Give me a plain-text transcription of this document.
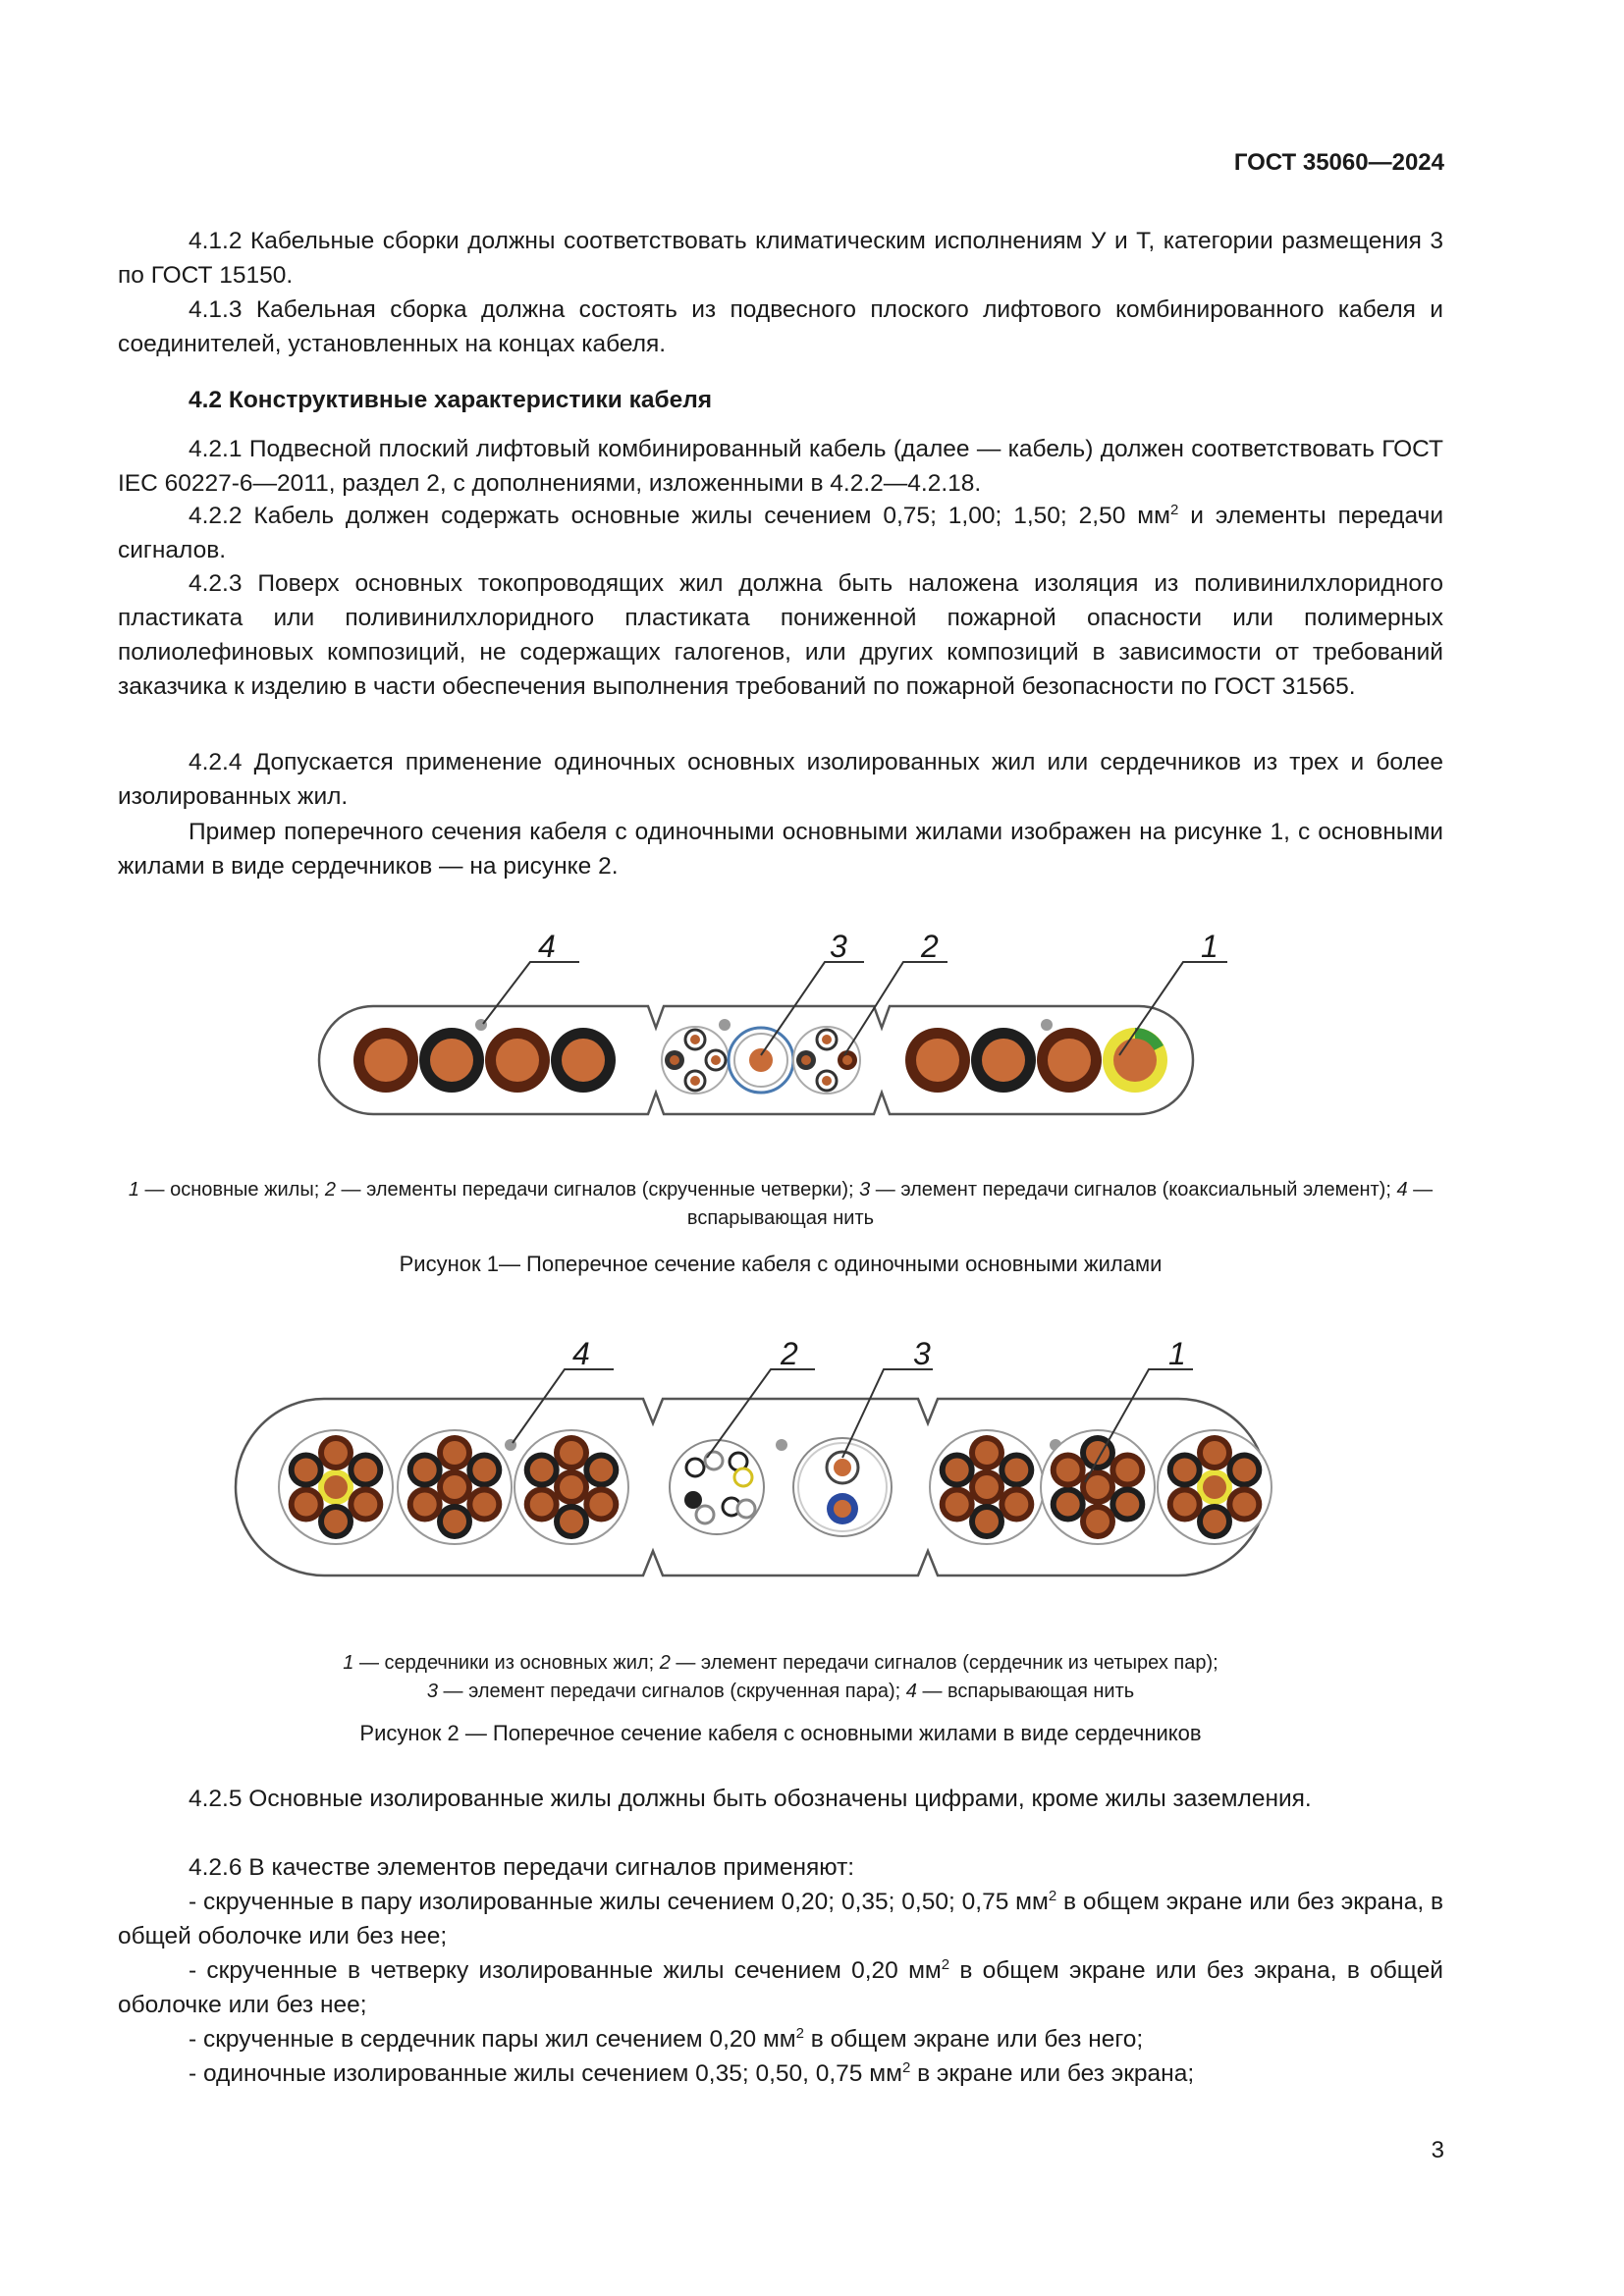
ГОСТ 35060—2024

4.1.2 Кабельные сборки должны соответствовать климатическим исполнениям У и Т, категории размещения 3 по ГОСТ 15150.

4.1.3 Кабельная сборка должна состоять из подвесного плоского лифтового комбинированного кабеля и соединителей, установленных на концах кабеля.

4.2 Конструктивные характеристики кабеля

4.2.1 Подвесной плоский лифтовый комбинированный кабель (далее — кабель) должен соответствовать ГОСТ IEC 60227-6—2011, раздел 2, с дополнениями, изложенными в 4.2.2—4.2.18.

4.2.2 Кабель должен содержать основные жилы сечением 0,75; 1,00; 1,50; 2,50 $мм^2$ и элементы передачи сигналов.

4.2.3 Поверх основных токопроводящих жил должна быть наложена изоляция из поливинилхлоридного пластиката или поливинилхлоридного пластиката пониженной пожарной опасности или полимерных полиолефиновых композиций, не содержащих галогенов, или других композиций в зависимости от требований заказчика к изделию в части обеспечения выполнения требований по пожарной безопасности по ГОСТ 31565.

4.2.4 Допускается применение одиночных основных изолированных жил или сердечников из трех и более изолированных жил.

Пример поперечного сечения кабеля с одиночными основными жилами изображен на рисунке 1, с основными жилами в виде сердечников — на рисунке 2.

4	3 2	1

1 — основные жилы; 2 — элементы передачи сигналов (скрученные четверки); 3 — элемент передачи сигналов (коаксиальный элемент); 4 — вспарывающая нить

Рисунок 1— Поперечное сечение кабеля с одиночными основными жилами

4	2	3	1

1 — сердечники из основных жил; 2 — элемент передачи сигналов (сердечник из четырех пар);
3 — элемент передачи сигналов (скрученная пара); 4 — вспарывающая нить

Рисунок 2 — Поперечное сечение кабеля с основными жилами в виде сердечников

4.2.5 Основные изолированные жилы должны быть обозначены цифрами, кроме жилы заземления.

4.2.6 В качестве элементов передачи сигналов применяют:

- скрученные в пару изолированные жилы сечением 0,20; 0,35; 0,50; 0,75 $мм^2$ в общем экране или без экрана, в общей оболочке или без нее;

- скрученные в четверку изолированные жилы сечением 0,20 $мм^2$ в общем экране или без экрана, в общей оболочке или без нее;

- скрученные в сердечник пары жил сечением 0,20 $мм^2$ в общем экране или без него;

- одиночные изолированные жилы сечением 0,35; 0,50, 0,75 $мм^2$ в экране или без экрана;

3
